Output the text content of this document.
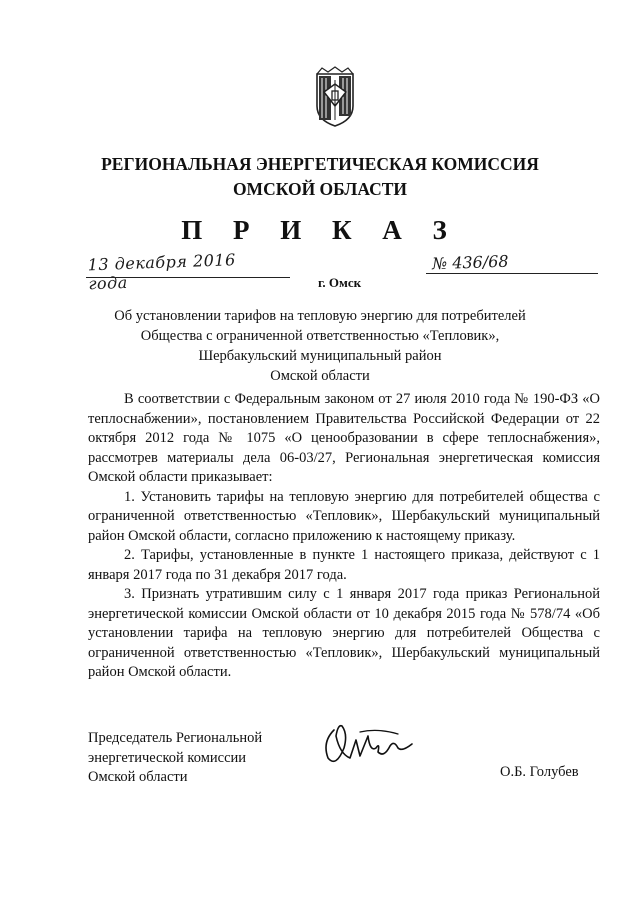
РЕГИОНАЛЬНАЯ ЭНЕРГЕТИЧЕСКАЯ КОМИССИЯ
ОМСКОЙ ОБЛАСТИ
П Р И К А З
13 декабря 2016 года	г. Омск
№ 436/68
Об установлении тарифов на тепловую энергию для потребителей
Общества с ограниченной ответственностью «Тепловик»,
Шербакульский муниципальный район
Омской области

В соответствии с Федеральным законом от 27 июля 2010 года № 190-ФЗ «О теплоснабжении», постановлением Правительства Российской Федерации от 22 октября 2012 года № 1075 «О ценообразовании в сфере теплоснабжения», рассмотрев материалы дела 06-03/27, Региональная энергетическая комиссия Омской области приказывает:

1. Установить тарифы на тепловую энергию для потребителей общества с ограниченной ответственностью «Тепловик», Шербакульский муниципальный район Омской области, согласно приложению к настоящему приказу.

2. Тарифы, установленные в пункте 1 настоящего приказа, действуют с 1 января 2017 года по 31 декабря 2017 года.

3. Признать утратившим силу с 1 января 2017 года приказ Региональной энергетической комиссии Омской области от 10 декабря 2015 года № 578/74 «Об установлении тарифа на тепловую энергию для потребителей Общества с ограниченной ответственностью «Тепловик», Шербакульский муниципальный район Омской области.

Председатель Региональной
энергетической комиссии
Омской области	О.Б. Голубев
